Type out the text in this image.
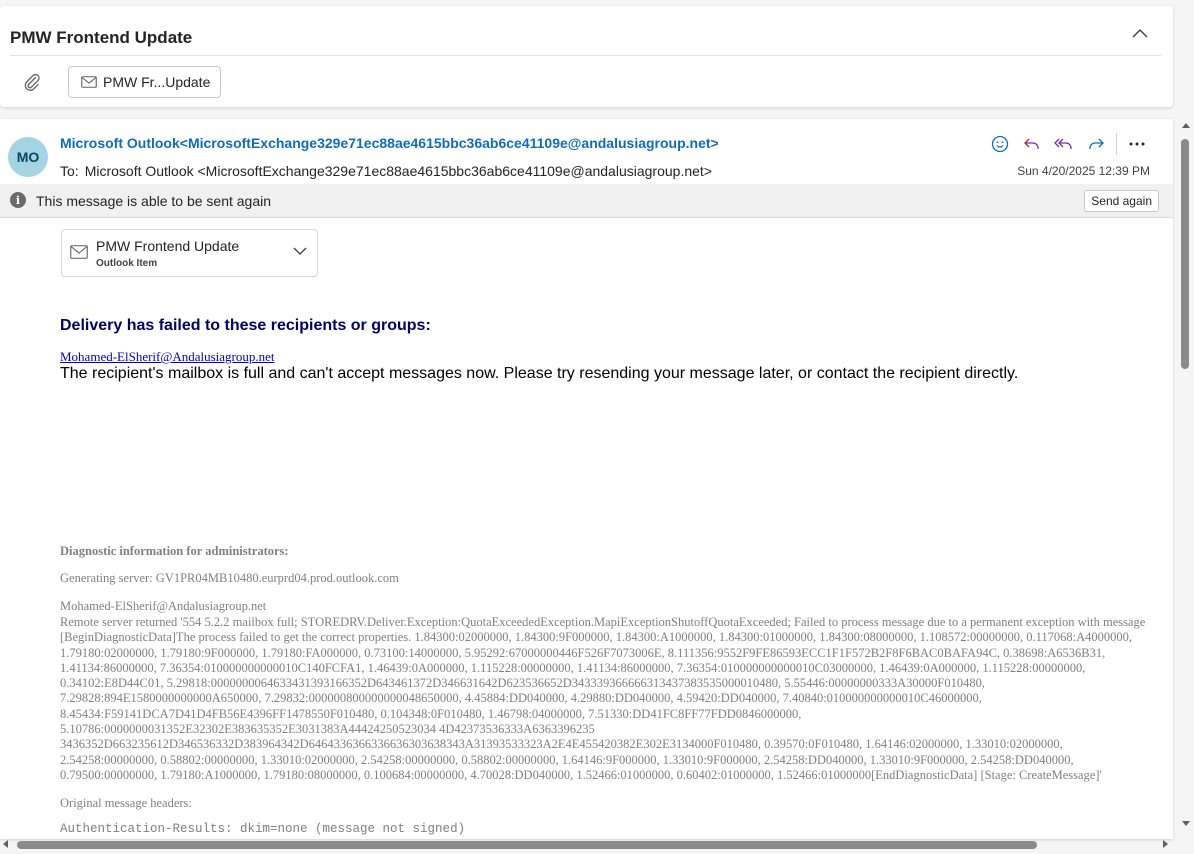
PMW Frontend Update
PMW Fr...Update
MO
Microsoft Outlook<MicrosoftExchange329e71ec88ae4615bbc36ab6ce41109e@andalusiagroup.net>
To: Microsoft Outlook <MicrosoftExchange329e71ec88ae4615bbc36ab6ce41109e@andalusiagroup.net>	Sun 4/20/2025 12:39 PM
i	This message is able to be sent again	Send again
PMW Frontend Update
Outlook Item
Delivery has failed to these recipients or groups:
Mohamed-ElSherif@Andalusiagroup.net
The recipient's mailbox is full and can't accept messages now. Please try resending your message later, or contact the recipient directly.
Diagnostic information for administrators:
Generating server: GV1PR04MB10480.eurprd04.prod.outlook.com
Mohamed-ElSherif@Andalusiagroup.net
Remote server returned '554 5.2.2 mailbox full; STOREDRV.Deliver.Exception:QuotaExceededException.MapiExceptionShutoffQuotaExceeded; Failed to process message due to a permanent exception with message [BeginDiagnosticData]The process failed to get the correct properties. 1.84300:02000000, 1.84300:9F000000, 1.84300:A1000000, 1.84300:01000000, 1.84300:08000000, 1.108572:00000000, 0.117068:A4000000, 1.79180:02000000, 1.79180:9F000000, 1.79180:FA000000, 0.73100:14000000, 5.95292:67000000446F526F7073006E, 8.111356:9552F9FE86593ECC1F1F572B2F8F6BAC0BAFA94C, 0.38698:A6536B31, 1.41134:86000000, 7.36354:010000000000010C140FCFA1, 1.46439:0A000000, 1.115228:00000000, 1.41134:86000000, 7.36354:010000000000010C03000000, 1.46439:0A000000, 1.115228:00000000, 0.34102:E8D44C01, 5.29818:0000000064633431393166352D643461372D346631642D623536652D343339366666313437383535000010480, 5.55446:00000000333A30000F010480, 7.29828:894E1580000000000A650000, 7.29832:000000800000000048650000, 4.45884:DD040000, 4.29880:DD040000, 4.59420:DD040000, 7.40840:010000000000010C46000000, 8.45434:F59141DCA7D41D4FB56E4396FF1478550F010480, 0.104348:0F010480, 1.46798:04000000, 7.51330:DD41FC8FF77FDD0846000000, 5.10786:0000000031352E32302E383635352E3031383A44424250523034 4D42373536333A6363396235 3436352D663235612D346536332D383964342D6464336366336636303638343A31393533323A2E4E455420382E302E3134000F010480, 0.39570:0F010480, 1.64146:02000000, 1.33010:02000000, 2.54258:00000000, 0.58802:00000000, 1.33010:02000000, 2.54258:00000000, 0.58802:00000000, 1.64146:9F000000, 1.33010:9F000000, 2.54258:DD040000, 1.33010:9F000000, 2.54258:DD040000, 0.79500:00000000, 1.79180:A1000000, 1.79180:08000000, 0.100684:00000000, 4.70028:DD040000, 1.52466:01000000, 0.60402:01000000, 1.52466:01000000[EndDiagnosticData] [Stage: CreateMessage]'
Original message headers:
Authentication-Results: dkim=none (message not signed)
